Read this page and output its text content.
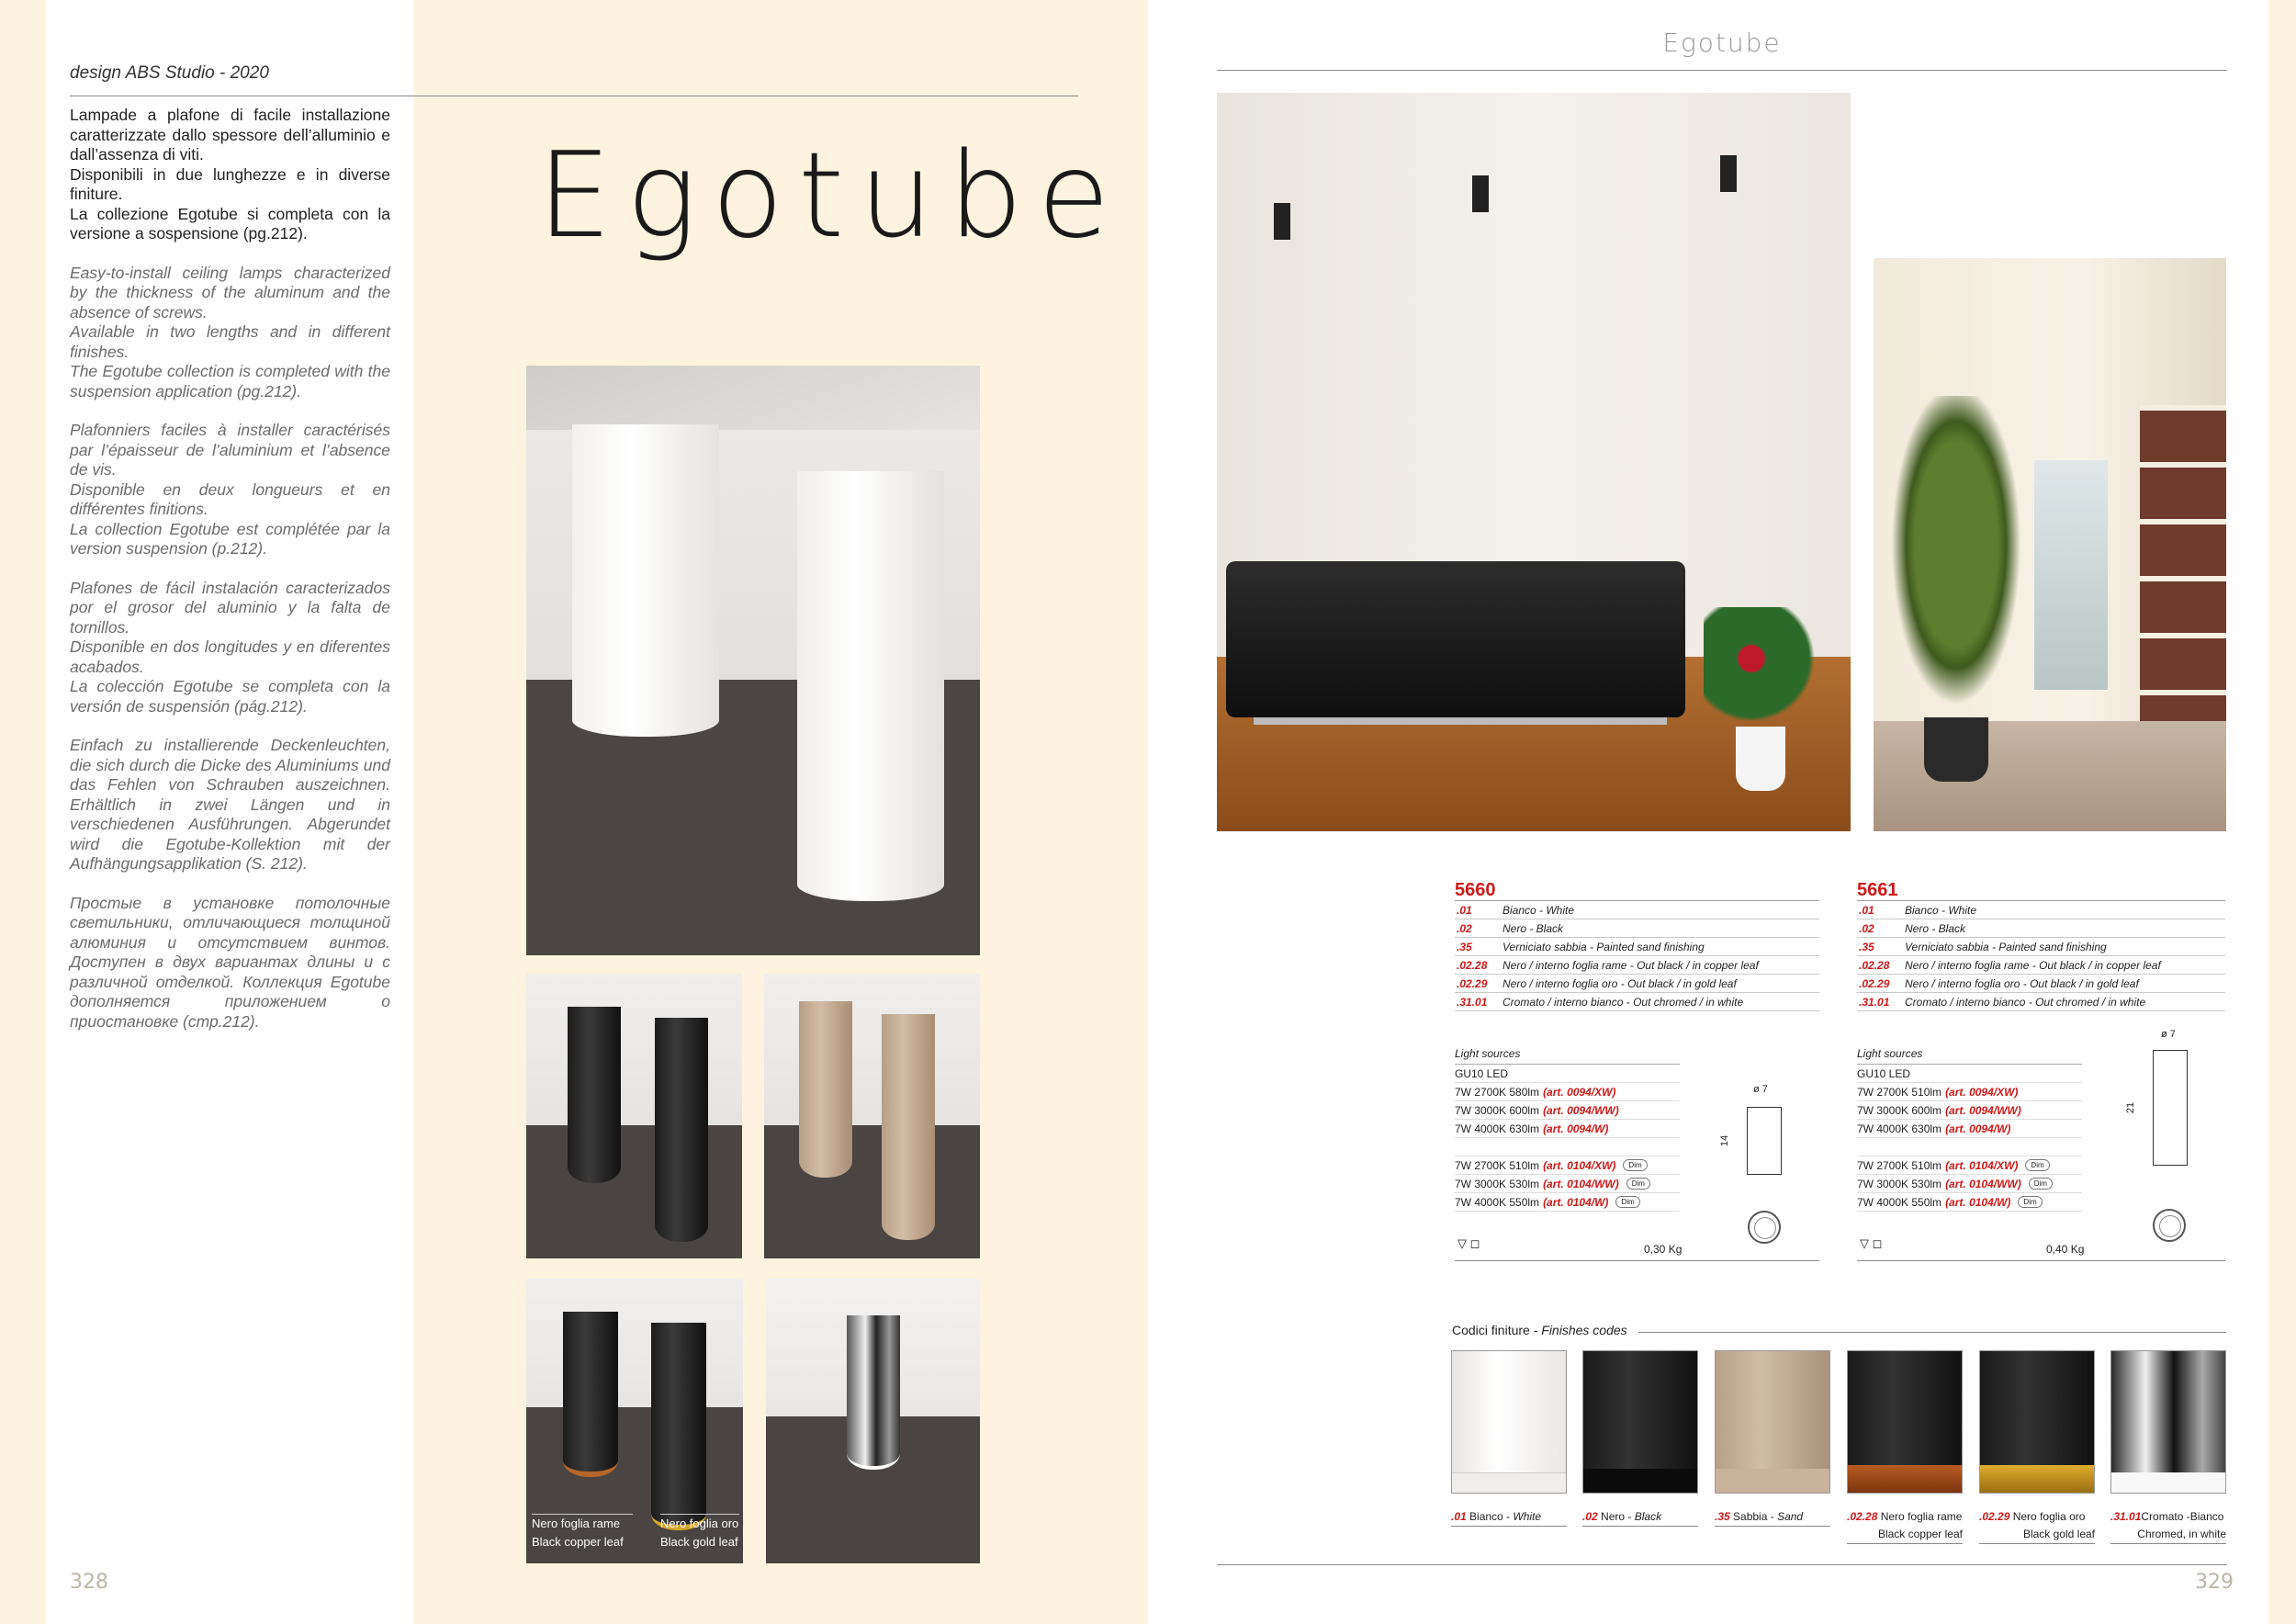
design ABS Studio - 2020

Lampade a plafone di facile installazione caratterizzate dallo spessore dell’alluminio e dall’assenza di viti.
Disponibili in due lunghezze e in diverse finiture.
La collezione Egotube si completa con la versione a sospensione (pg.212).

Easy-to-install ceiling lamps characterized by the thickness of the aluminum and the absence of screws.
Available in two lengths and in different finishes.
The Egotube collection is completed with the suspension application (pg.212).

Plafonniers faciles à installer caractérisés par l’épaisseur de l’aluminium et l’absence de vis.
Disponible en deux longueurs et en différentes finitions.
La collection Egotube est complétée par la version suspension (p.212).

Plafones de fácil instalación caracterizados por el grosor del aluminio y la falta de tornillos.
Disponible en dos longitudes y en diferentes acabados.
La colección Egotube se completa con la versión de suspensión (pág.212).

Einfach zu installierende Deckenleuchten, die sich durch die Dicke des Aluminiums und das Fehlen von Schrauben auszeichnen. Erhältlich in zwei Längen und in verschiedenen Ausführungen. Abgerundet wird die Egotube-Kollektion mit der Aufhängungsapplikation (S. 212).

Простые в установке потолочные светильники, отличающиеся толщиной алюминия и отсутствием винтов. Доступен в двух вариантах длины и с различной отделкой. Коллекция Egotube дополняется приложением о приостановке (стр.212).

Egotube
Nero foglia rame
Black copper leaf
Nero foglia oro
Black gold leaf
328
Egotube
5660
.01	Bianco - White
.02	Nero - Black
.35	Verniciato sabbia - Painted sand finishing
.02.28	Nero / interno foglia rame - Out black / in copper leaf
.02.29	Nero / interno foglia oro - Out black / in gold leaf
.31.01	Cromato / interno bianco - Out chromed / in white
Light sources
GU10 LED
7W 2700K 580lm (art. 0094/XW)
7W 3000K 600lm (art. 0094/WW)
7W 4000K 630lm (art. 0094/W)
7W 2700K 510lm (art. 0104/XW)	Dim
7W 3000K 530lm (art. 0104/WW)	Dim
7W 4000K 550lm (art. 0104/W)	Dim
ø 7
14
▽ ◻	0,30 Kg
5661
.01	Bianco - White
.02	Nero - Black
.35	Verniciato sabbia - Painted sand finishing
.02.28	Nero / interno foglia rame - Out black / in copper leaf
.02.29	Nero / interno foglia oro - Out black / in gold leaf
.31.01	Cromato / interno bianco - Out chromed / in white
Light sources
GU10 LED
7W 2700K 510lm (art. 0094/XW)
7W 3000K 600lm (art. 0094/WW)
7W 4000K 630lm (art. 0094/W)
7W 2700K 510lm (art. 0104/XW)	Dim
7W 3000K 530lm (art. 0104/WW)	Dim
7W 4000K 550lm (art. 0104/W)	Dim
ø 7
21
▽ ◻	0,40 Kg
Codici finiture - Finishes codes
.01 Bianco - White	.02 Nero - Black	.35 Sabbia - Sand	.02.28 Nero foglia rame
Black copper leaf
.02.29 Nero foglia oro
Black gold leaf
.31.01Cromato -Bianco
Chromed, in white
329
